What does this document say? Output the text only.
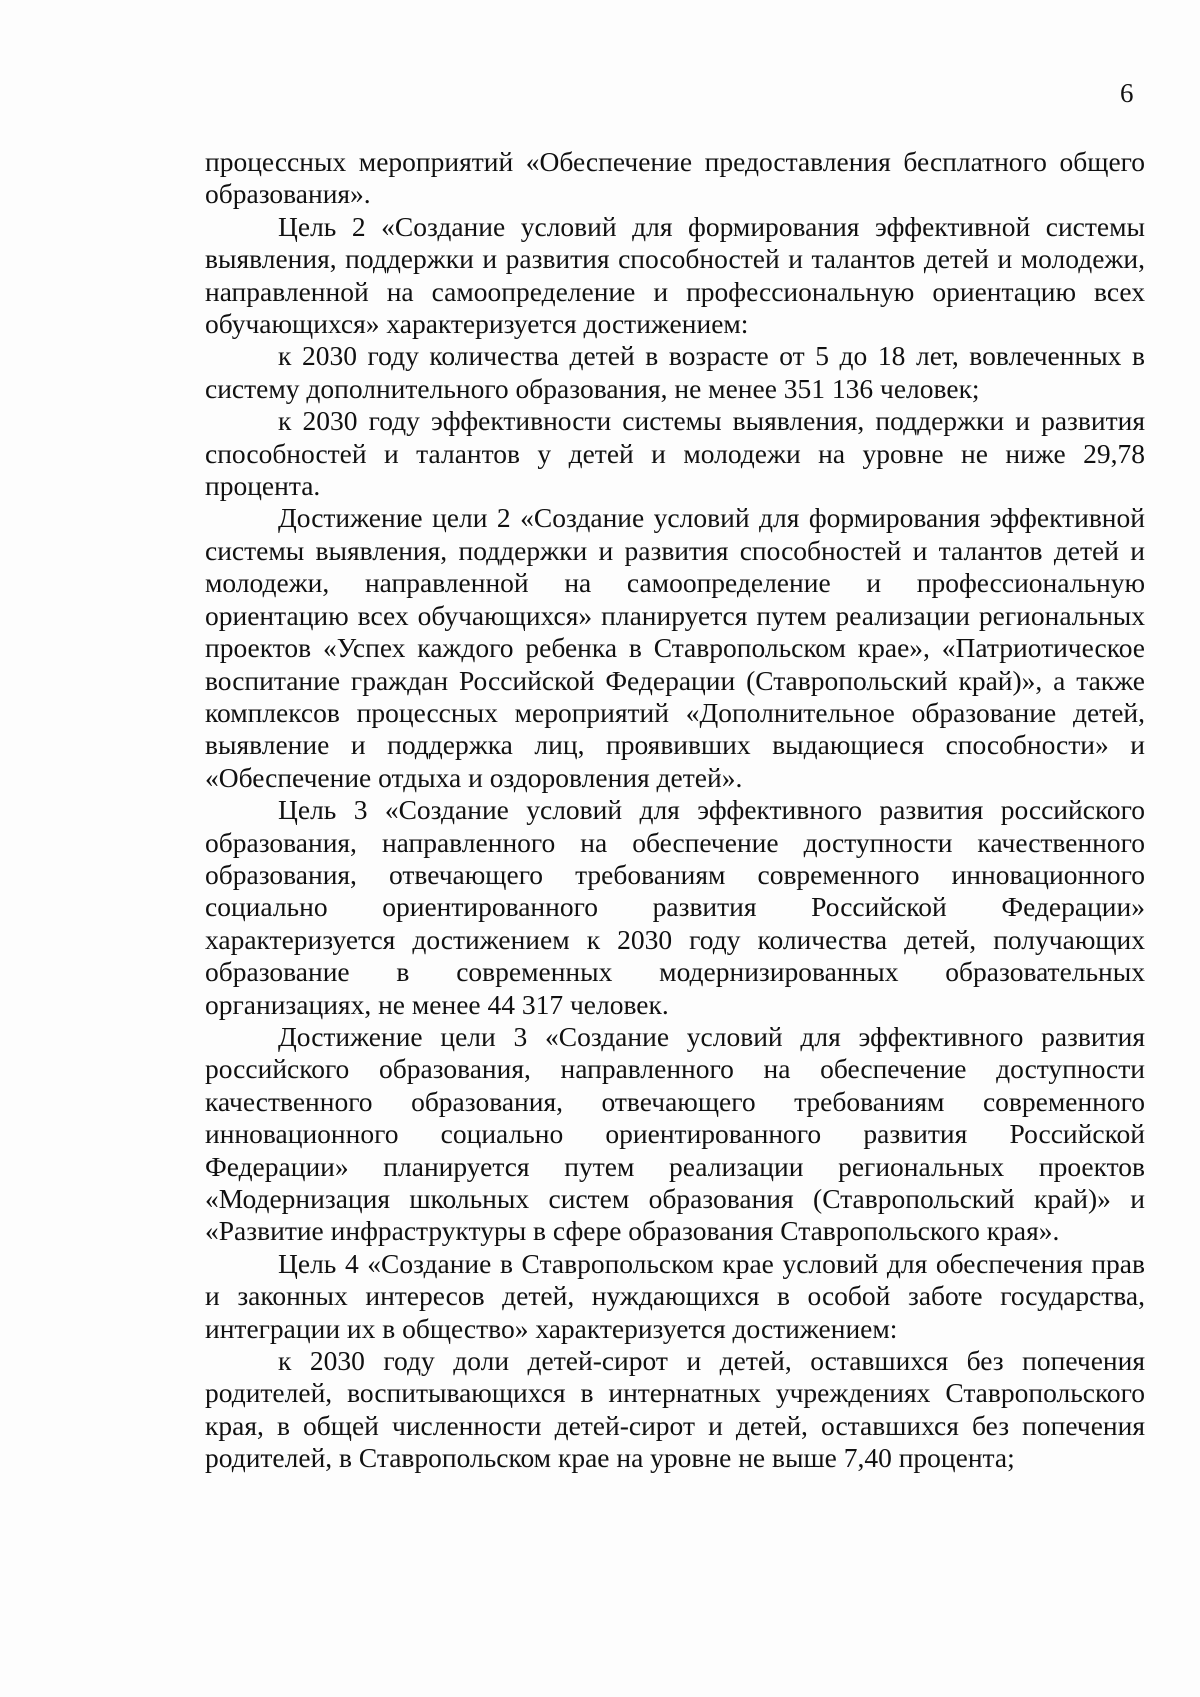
6

процессных мероприятий «Обеспечение предоставления бесплатного общего образования».

Цель 2 «Создание условий для формирования эффективной системы выявления, поддержки и развития способностей и талантов детей и молодежи, направленной на самоопределение и профессиональную ориентацию всех обучающихся» характеризуется достижением:

к 2030 году количества детей в возрасте от 5 до 18 лет, вовлеченных в систему дополнительного образования, не менее 351 136 человек;

к 2030 году эффективности системы выявления, поддержки и развития способностей и талантов у детей и молодежи на уровне не ниже 29,78 процента.

Достижение цели 2 «Создание условий для формирования эффективной системы выявления, поддержки и развития способностей и талантов детей и молодежи, направленной на самоопределение и профессиональную ориентацию всех обучающихся» планируется путем реализации региональных проектов «Успех каждого ребенка в Ставропольском крае», «Патриотическое воспитание граждан Российской Федерации (Ставропольский край)», а также комплексов процессных мероприятий «Дополнительное образование детей, выявление и поддержка лиц, проявивших выдающиеся способности» и «Обеспечение отдыха и оздоровления детей».

Цель 3 «Создание условий для эффективного развития российского образования, направленного на обеспечение доступности качественного образования, отвечающего требованиям современного инновационного социально ориентированного развития Российской Федерации» характеризуется достижением к 2030 году количества детей, получающих образование в современных модернизированных образовательных организациях, не менее 44 317 человек.

Достижение цели 3 «Создание условий для эффективного развития российского образования, направленного на обеспечение доступности качественного образования, отвечающего требованиям современного инновационного социально ориентированного развития Российской Федерации» планируется путем реализации региональных проектов «Модернизация школьных систем образования (Ставропольский край)» и «Развитие инфраструктуры в сфере образования Ставропольского края».

Цель 4 «Создание в Ставропольском крае условий для обеспечения прав и законных интересов детей, нуждающихся в особой заботе государства, интеграции их в общество» характеризуется достижением:

к 2030 году доли детей-сирот и детей, оставшихся без попечения родителей, воспитывающихся в интернатных учреждениях Ставропольского края, в общей численности детей-сирот и детей, оставшихся без попечения родителей, в Ставропольском крае на уровне не выше 7,40 процента;
